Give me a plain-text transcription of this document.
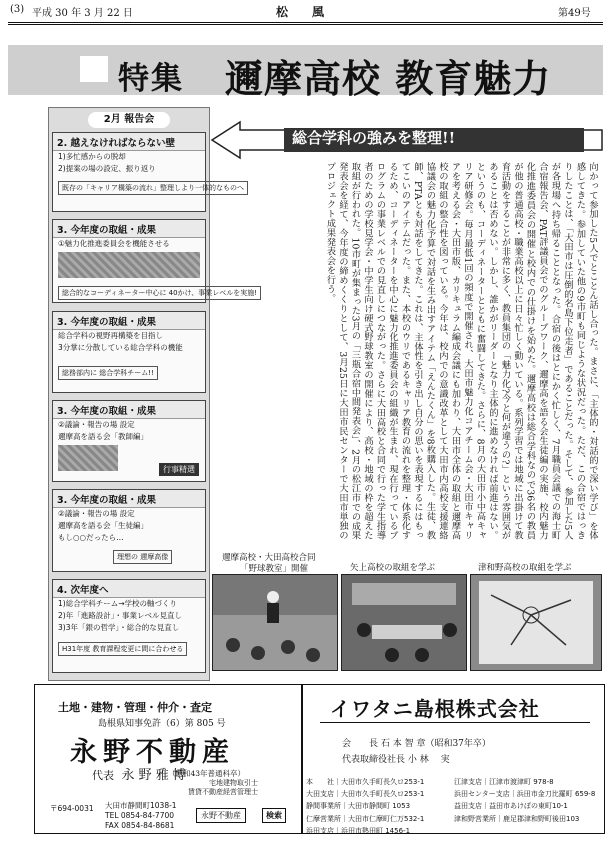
(3) 平成 30 年 3 月 22 日	松　　風	第49号
特集 邇摩高校 教育魅力
2月 報告会
2. 越えなければならない壁
1)多忙感からの脱却
2)提案の場の設定、振り返り
既存の「キャリア構築の流れ」整理しより一体的なものへ
3. 今年度の取組・成果
①魅力化推進委員会を機能させる
総合的なコーディネーター中心に 40かけ、事業レベルを実施!
3. 今年度の取組・成果
総合学科の視野再構築を目指し
3分掌に分散している総合学科の機能
総務部内に 総合学科チーム!!
3. 今年度の取組・成果
②議論・報告の場 設定
邇摩高を語る会「教師編」
行事精選
3. 今年度の取組・成果
②議論・報告の場 設定
邇摩高を語る会「生徒編」
もし○○だったら…
理想の 邇摩高像
4. 次年度へ
1)総合学科チーム→学校の軸づくり
2)年「進路設計」・事業レベル見直し
3)3年「銀の哲学」・総合的な見直し
H31年度 教育課程変更に間に合わせる
総合学科の強みを整理!!
向かって参加した5人でとことん話し合った。まさに、「主体的・対話的で深い学び」を体感してきた。参加していた他の9市町も同じような状況だった。ただ、この合宿ではっきりしたことは、「大田市は圧倒的名島下位走者」であることだった。そして、参加した5人が各現場へ持ち帰ることとなった。合宿の後はとにかく忙しく、7月職員会議での海士町合宿報告会、PAT評議員会でのグループワーク、邇摩高を語る会生徒編の実施、校内魅力化推進委員会の開催と校内での仕掛けを始めた。邇摩高校は総合学科なので36名の教員が他の普通高校・職業高校以上に日々忙しく動いている。系列学習では地域に出掛けて教育活動をすることが非常に多く、教員集団の「魅力化?今と何が違うの?」という雰囲気があることは否めない。しかし、誰かがリーダーとなり主体的に進めなければ前進はない。というのも、コーディネーターとともに奮闘してきた。さらに、8月の大田市小中高キャリア研修会。毎月最低1回の頻度で開催され、大田市魅力化コアチーム会・大田市キャリアを考える会・大田市版、カリキュラム編成会議にも加わり、大田市全体の取組と邇摩高校の取組の整合性を図っている。今年は、校内での意識改革として大田市内高校支援連絡協議会の魅力化予算で対話を生み出すアイテム「えんたくん」を8枚購入した。生徒、教師、PTAとも対話をしてきた。これは、主体性を引き出し自分の思いを表現するにはもってこいのアイテムだった。また、本校のウリであるキャリア教育の流れを整理・体系化するため、コーディネーターを中心に魅力化推進委員会の組織が生まれ、現在行っているプログラムの事業レベルでの見直しにつながった。さらに大田高校と合同で行った学生指導者のための学校見学会・中学生向け硬式野球教室の開催により、高校・地域の枠を超えた取組が行われた。10市町が集まった3月の「三瓶合宿中間発表会」、2月の松江市での成果発表会を経て、今年度の締めくくりとして、3月25日に大田市民センターで大田市単独のプロジェクト成果発表会を行う。
邇摩高校・大田高校合同
「野球教室」開催	矢上高校の取組を学ぶ	津和野高校の取組を学ぶ
土地・建物・管理・仲介・査定
島根県知事免許（6）第 805 号
永野不動産
代表 永 野 雅 博
（昭和43年普通科卒）
宅地建物取引士
賃貸不動産経営管理士
〒694-0031 大田市静間町1038-1
TEL 0854-84-7700
FAX 0854-84-8681
永野不動産	検索
イワタニ島根株式会社
会　　長 石 本 智 章（昭和37年卒）
代表取締役社長 小 林　 実
本　　社｜大田市久手町長久ロ253-1	江津支店｜江津市渡津町 978-8
大田支店｜大田市久手町長久ロ253-1	浜田センター支店｜浜田市金刀比羅町 659-8
静間事業所｜大田市静間町 1053	益田支店｜益田市あけぼの東町10-1
仁摩営業所｜大田市仁摩町仁万532-1	津和野営業所｜鹿足郡津和野町後田103
浜田支店｜浜田市熱田町 1456-1
